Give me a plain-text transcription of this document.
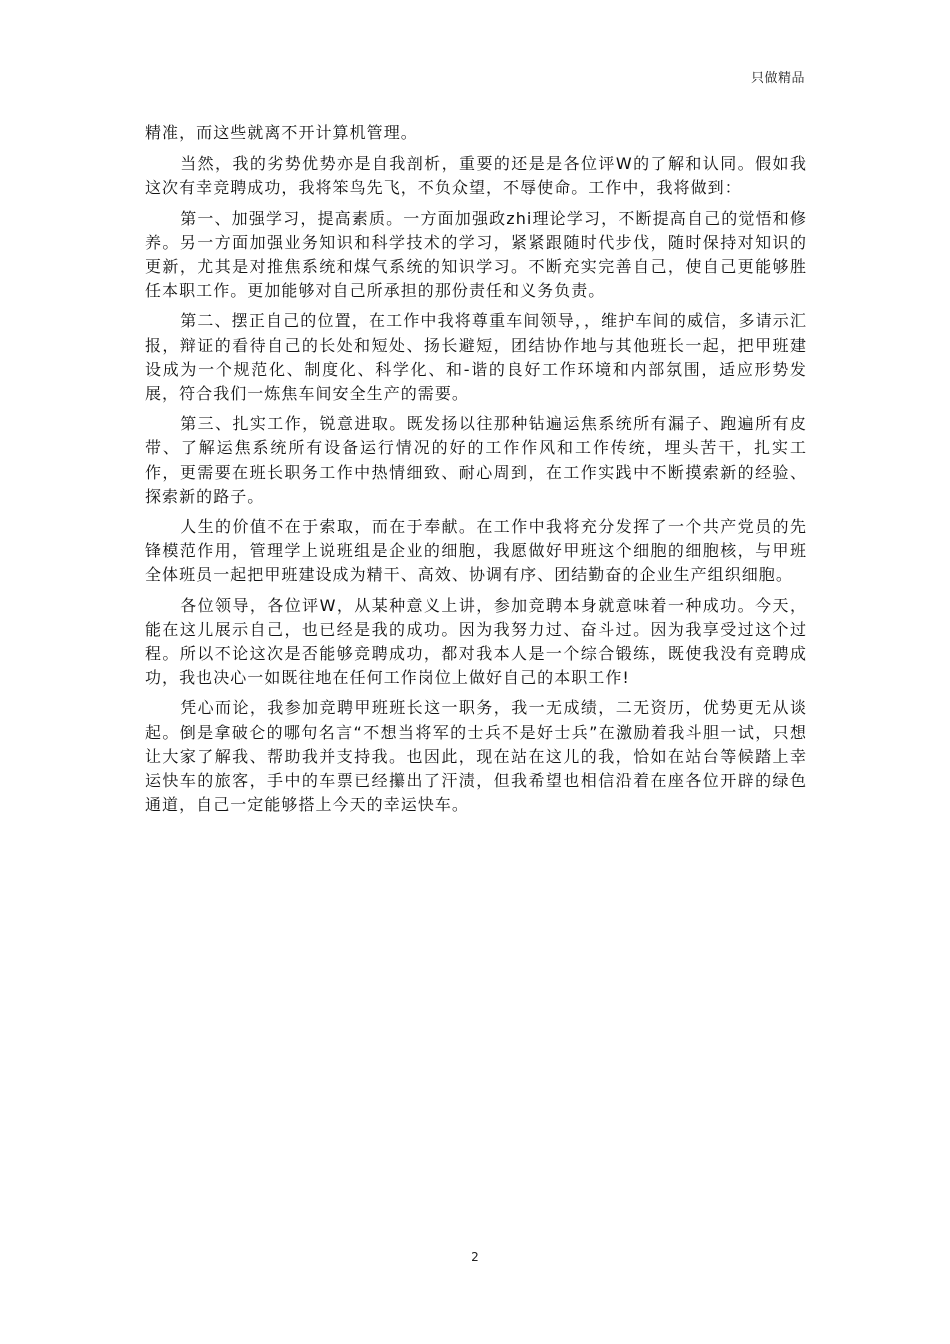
只做精品

精准，而这些就离不开计算机管理。

当然，我的劣势优势亦是自我剖析，重要的还是是各位评W的了解和认同。假如我这次有幸竞聘成功，我将笨鸟先飞，不负众望，不辱使命。工作中，我将做到：

第一、加强学习，提高素质。一方面加强政zhi理论学习，不断提高自己的觉悟和修养。另一方面加强业务知识和科学技术的学习，紧紧跟随时代步伐，随时保持对知识的更新，尤其是对推焦系统和煤气系统的知识学习。不断充实完善自己，使自己更能够胜任本职工作。更加能够对自己所承担的那份责任和义务负责。

第二、摆正自己的位置，在工作中我将尊重车间领导，，维护车间的威信，多请示汇报，辩证的看待自己的长处和短处、扬长避短，团结协作地与其他班长一起，把甲班建设成为一个规范化、制度化、科学化、和-谐的良好工作环境和内部氛围，适应形势发展，符合我们一炼焦车间安全生产的需要。

第三、扎实工作，锐意进取。既发扬以往那种钻遍运焦系统所有漏子、跑遍所有皮带、了解运焦系统所有设备运行情况的好的工作作风和工作传统，埋头苦干，扎实工作，更需要在班长职务工作中热情细致、耐心周到，在工作实践中不断摸索新的经验、探索新的路子。

人生的价值不在于索取，而在于奉献。在工作中我将充分发挥了一个共产党员的先锋模范作用，管理学上说班组是企业的细胞，我愿做好甲班这个细胞的细胞核，与甲班全体班员一起把甲班建设成为精干、高效、协调有序、团结勤奋的企业生产组织细胞。

各位领导，各位评W，从某种意义上讲，参加竞聘本身就意味着一种成功。今天，能在这儿展示自己，也已经是我的成功。因为我努力过、奋斗过。因为我享受过这个过程。所以不论这次是否能够竞聘成功，都对我本人是一个综合锻练，既使我没有竞聘成功，我也决心一如既往地在任何工作岗位上做好自己的本职工作!

凭心而论，我参加竞聘甲班班长这一职务，我一无成绩，二无资历，优势更无从谈起。倒是拿破仑的哪句名言“不想当将军的士兵不是好士兵”在激励着我斗胆一试，只想让大家了解我、帮助我并支持我。也因此，现在站在这儿的我，恰如在站台等候踏上幸运快车的旅客，手中的车票已经攥出了汗渍，但我希望也相信沿着在座各位开辟的绿色通道，自己一定能够搭上今天的幸运快车。

2
